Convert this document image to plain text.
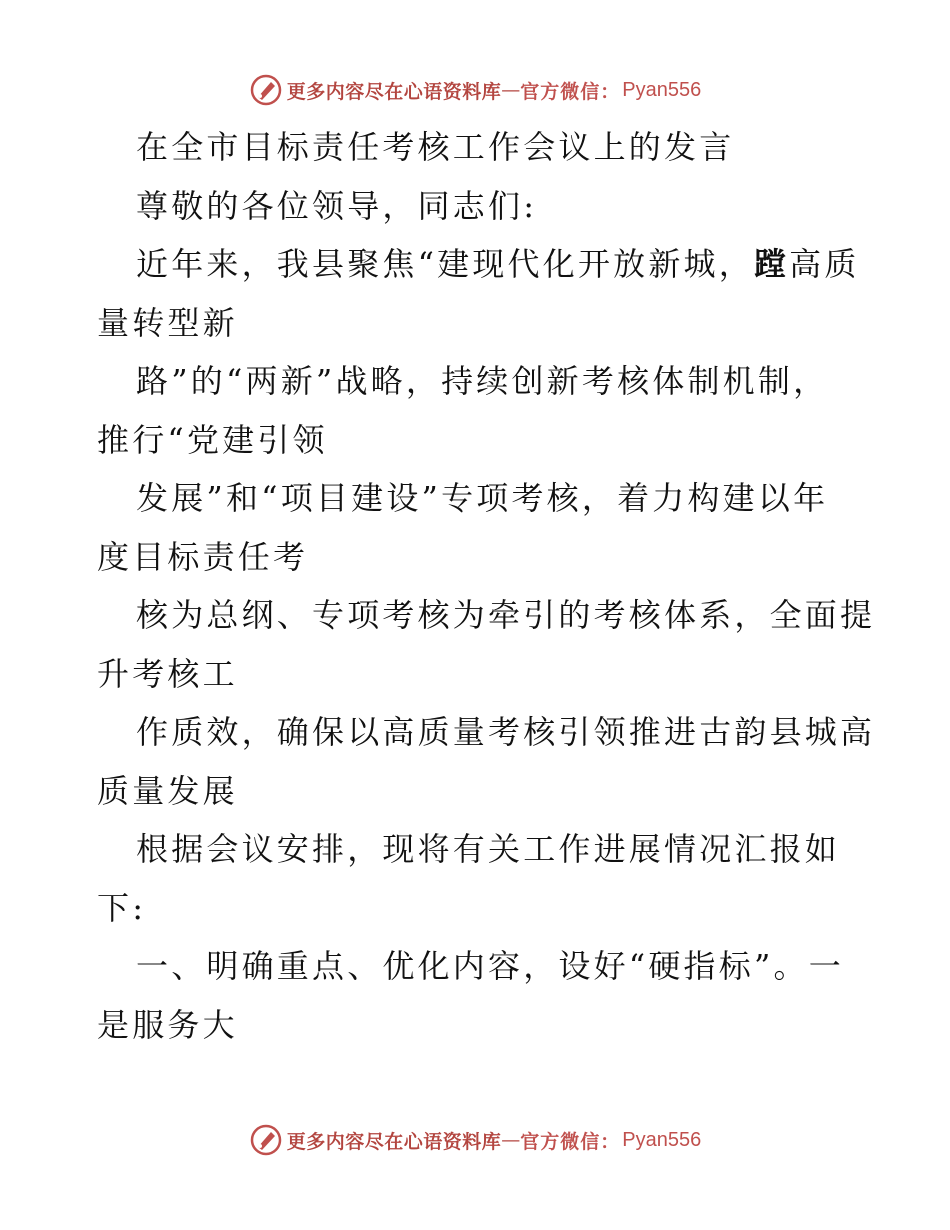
更多内容尽在心语资料库 — 官方微信： Pyan556
在全市目标责任考核工作会议上的发言
尊敬的各位领导，同志们:
近年来，我县聚焦“建现代化开放新城，蹚高质
量转型新
路”的“两新”战略，持续创新考核体制机制，
推行“党建引领
发展”和“项目建设”专项考核，着力构建以年
度目标责任考
核为总纲、专项考核为牵引的考核体系，全面提
升考核工
作质效，确保以高质量考核引领推进古韵县城高
质量发展
根据会议安排，现将有关工作进展情况汇报如
下:
一、明确重点、优化内容，设好“硬指标”。一
是服务大
更多内容尽在心语资料库 — 官方微信： Pyan556
